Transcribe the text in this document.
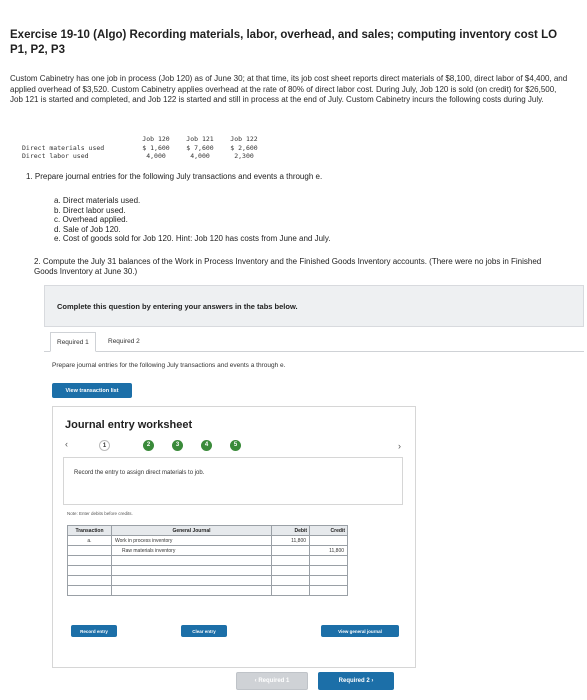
Exercise 19-10 (Algo) Recording materials, labor, overhead, and sales; computing inventory cost LO P1, P2, P3
Custom Cabinetry has one job in process (Job 120) as of June 30; at that time, its job cost sheet reports direct materials of $8,100, direct labor of $4,400, and applied overhead of $3,520. Custom Cabinetry applies overhead at the rate of 80% of direct labor cost. During July, Job 120 is sold (on credit) for $26,500, Job 121 is started and completed, and Job 122 is started and still in process at the end of July. Custom Cabinetry incurs the following costs during July.
Job 120	Job 121	Job 122
Direct materials used	$ 1,600	$ 7,600	$ 2,600
Direct labor used	4,000	4,000	2,300
1. Prepare journal entries for the following July transactions and events a through e.
a. Direct materials used.
b. Direct labor used.
c. Overhead applied.
d. Sale of Job 120.
e. Cost of goods sold for Job 120. Hint: Job 120 has costs from June and July.
2. Compute the July 31 balances of the Work in Process Inventory and the Finished Goods Inventory accounts. (There were no jobs in Finished Goods Inventory at June 30.)
Complete this question by entering your answers in the tabs below.
Required 1	Required 2
Prepare journal entries for the following July transactions and events a through e.
View transaction list
Journal entry worksheet
‹	1	2	3	4	5
Record the entry to assign direct materials to job.
Note: Enter debits before credits.
Transaction	General Journal	Debit	Credit
a.	Work in process inventory	11,800	
	Raw materials inventory		11,800

Record entry	Clear entry	View general journal
›
‹ Required 1	Required 2 ›
